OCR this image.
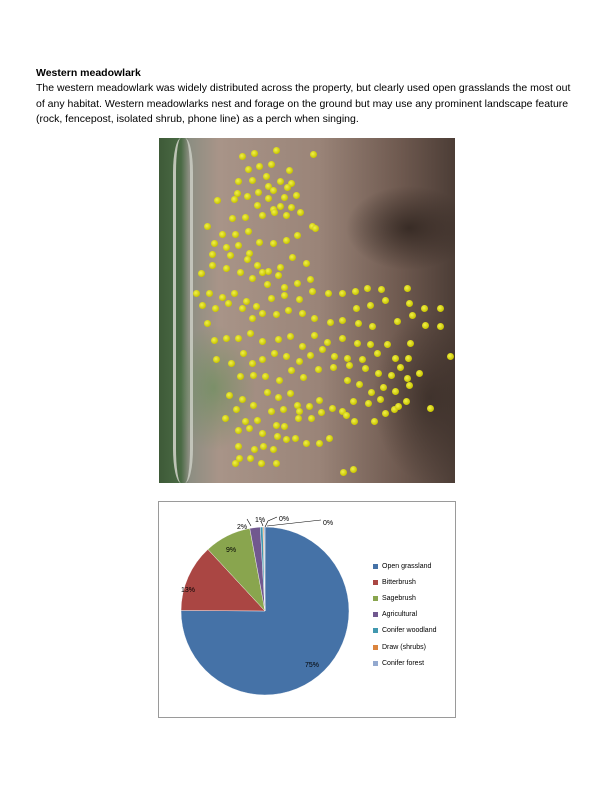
Western meadowlark
The western meadowlark was widely distributed across the property, but clearly used open grasslands the most out of any habitat. Western meadowlarks nest and forage on the ground but may use any prominent landscape feature (rock, fencepost, isolated shrub, phone line) as a perch when singing.
Open grassland
Bitterbrush
Sagebrush
Agricultural
Conifer woodland
Draw (shrubs)
Conifer forest
75%
13%
9%
2%
1% 0%
0%
